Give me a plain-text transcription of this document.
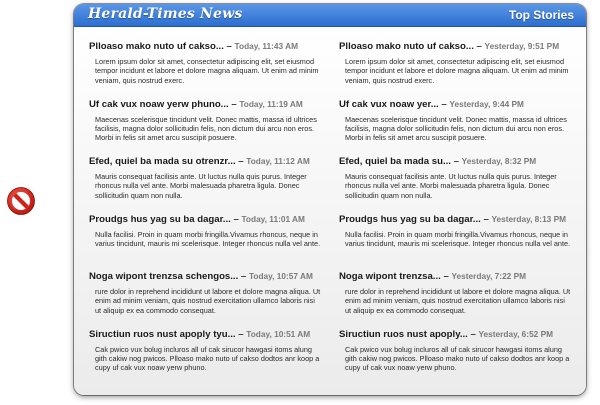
Herald-Times News	Top Stories
Plloaso mako nuto uf cakso... – Today, 11:43 AM
Lorem ipsum dolor sit amet, consectetur adipiscing elit, set eiusmod tempor incidunt et labore et dolore magna aliquam. Ut enim ad minim veniam, quis nostrud exerc.
Uf cak vux noaw yerw phuno... – Today, 11:19 AM
Maecenas scelerisque tincidunt velit. Donec mattis, massa id ultrices facilisis, magna dolor sollicitudin felis, non dictum dui arcu non eros. Morbi in felis sit amet arcu suscipit posuere.
Efed, quiel ba mada su otrenzr... – Today, 11:12 AM
Mauris consequat facilisis ante. Ut luctus nulla quis purus. Integer rhoncus nulla vel ante. Morbi malesuada pharetra ligula. Donec sollicitudin quam non nulla.
Proudgs hus yag su ba dagar... – Today, 11:01 AM
Nulla facilisi. Proin in quam morbi fringilla.Vivamus rhoncus, neque in varius tincidunt, mauris mi scelerisque. Integer rhoncus nulla vel ante.
Noga wipont trenzsa schengos... – Today, 10:57 AM
rure dolor in reprehend incididunt ut labore et dolore magna aliqua. Ut enim ad minim veniam, quis nostrud exercitation ullamco laboris nisi ut aliquip ex ea commodo consequat.
Siructiun ruos nust apoply tyu... – Today, 10:51 AM
Cak pwico vux bolug incluros all uf cak sirucor hawgasi itoms alung gith cakiw nog pwicos. Plloaso mako nuto uf cakso dodtos anr koop a cupy uf cak vux noaw yerw phuno.
Plloaso mako nuto uf cakso... – Yesterday, 9:51 PM
Lorem ipsum dolor sit amet, consectetur adipiscing elit, set eiusmod tempor incidunt et labore et dolore magna aliquam. Ut enim ad minim veniam, quis nostrud exerc.
Uf cak vux noaw yer... – Yesterday, 9:44 PM
Maecenas scelerisque tincidunt velit. Donec mattis, massa id ultrices facilisis, magna dolor sollicitudin felis, non dictum dui arcu non eros. Morbi in felis sit amet arcu suscipit posuere.
Efed, quiel ba mada su... – Yesterday, 8:32 PM
Mauris consequat facilisis ante. Ut luctus nulla quis purus. Integer rhoncus nulla vel ante. Morbi malesuada pharetra ligula. Donec sollicitudin quam non nulla.
Proudgs hus yag su ba dagar... – Yesterday, 8:13 PM
Nulla facilisi. Proin in quam morbi fringilla.Vivamus rhoncus, neque in varius tincidunt, mauris mi scelerisque. Integer rhoncus nulla vel ante.
Noga wipont trenzsa... – Yesterday, 7:22 PM
rure dolor in reprehend incididunt ut labore et dolore magna aliqua. Ut enim ad minim veniam, quis nostrud exercitation ullamco laboris nisi ut aliquip ex ea commodo consequat.
Siructiun ruos nust apoply... – Yesterday, 6:52 PM
Cak pwico vux bolug incluros all uf cak sirucor hawgasi itoms alung gith cakiw nog pwicos. Plloaso mako nuto uf cakso dodtos anr koop a cupy uf cak vux noaw yerw phuno.
